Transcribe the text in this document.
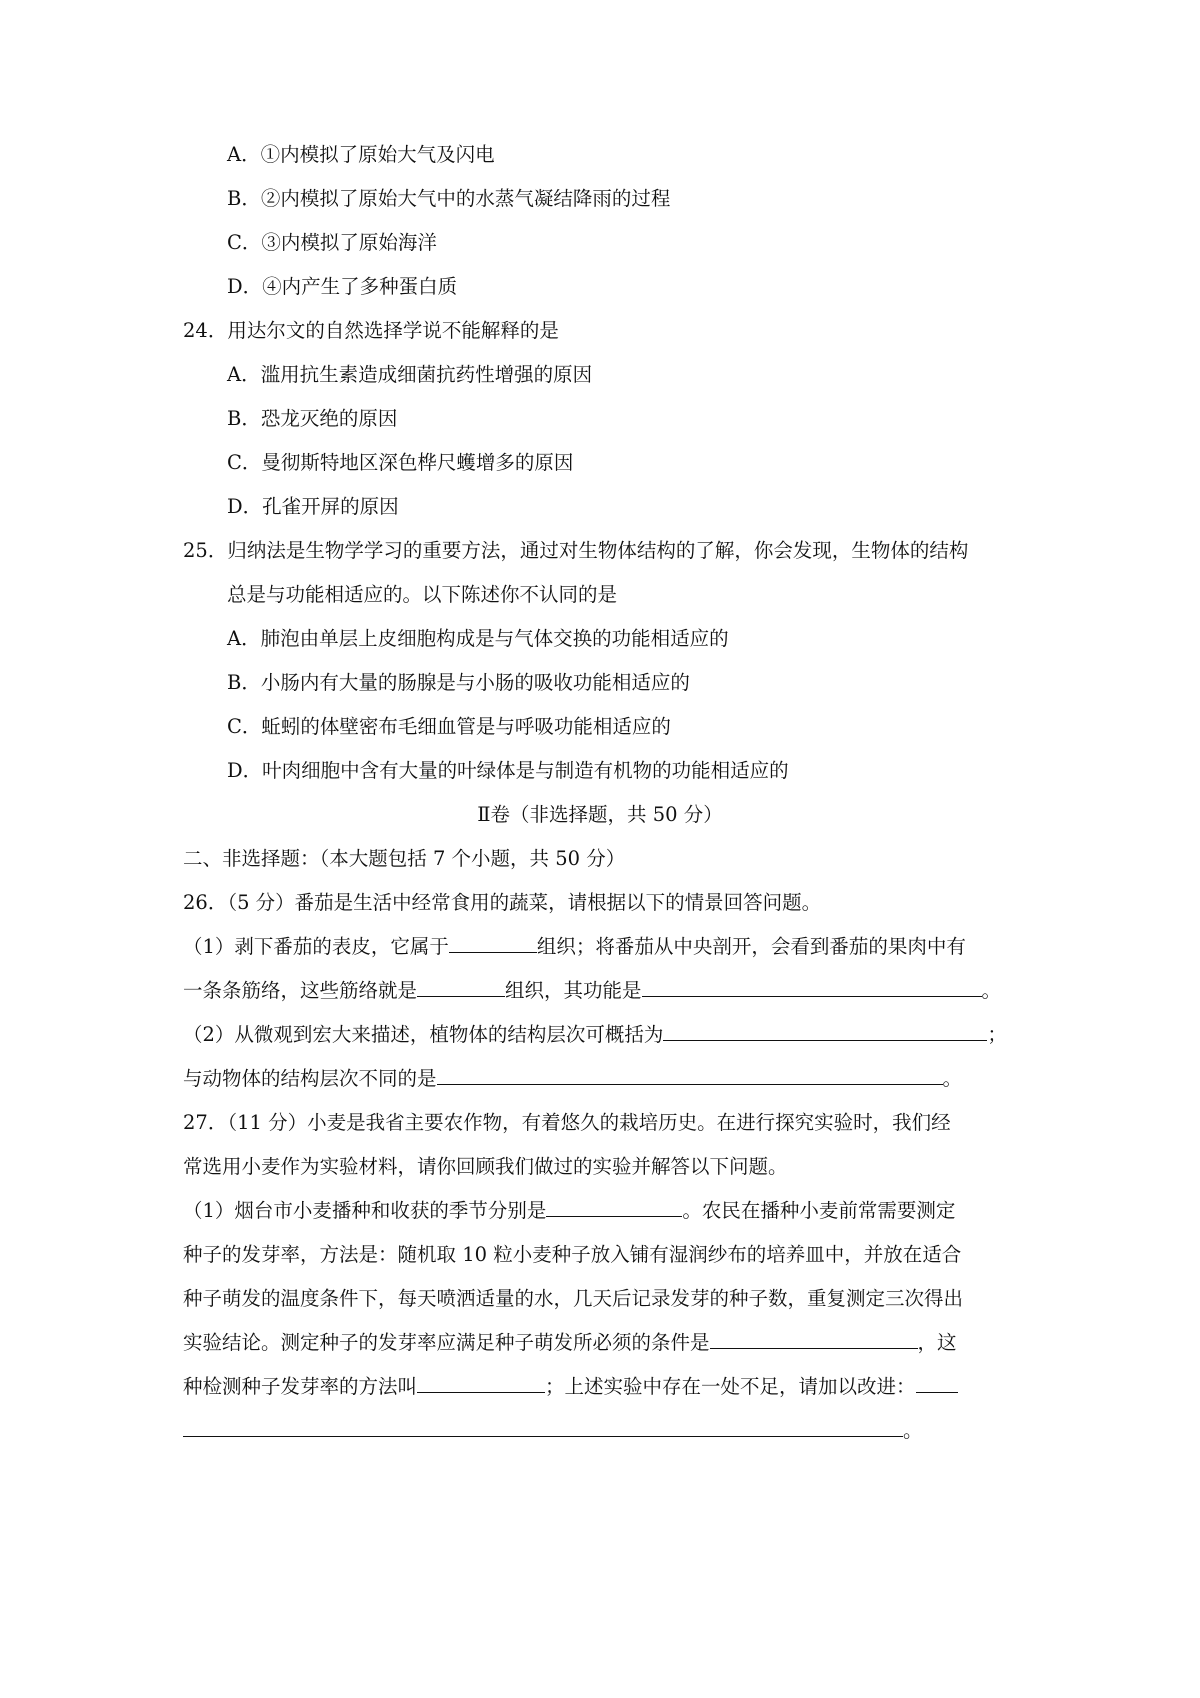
A．①内模拟了原始大气及闪电
B．②内模拟了原始大气中的水蒸气凝结降雨的过程
C．③内模拟了原始海洋
D．④内产生了多种蛋白质
24．用达尔文的自然选择学说不能解释的是
A．滥用抗生素造成细菌抗药性增强的原因
B．恐龙灭绝的原因
C．曼彻斯特地区深色桦尺蠖增多的原因
D．孔雀开屏的原因
25．归纳法是生物学学习的重要方法，通过对生物体结构的了解，你会发现，生物体的结构
总是与功能相适应的。以下陈述你不认同的是
A．肺泡由单层上皮细胞构成是与气体交换的功能相适应的
B．小肠内有大量的肠腺是与小肠的吸收功能相适应的
C．蚯蚓的体壁密布毛细血管是与呼吸功能相适应的
D．叶肉细胞中含有大量的叶绿体是与制造有机物的功能相适应的
Ⅱ卷（非选择题，共 50 分）
二、非选择题：（本大题包括 7 个小题，共 50 分）
26．（5 分）番茄是生活中经常食用的蔬菜，请根据以下的情景回答问题。
（1）剥下番茄的表皮，它属于	组织；将番茄从中央剖开，会看到番茄的果肉中有
一条条筋络，这些筋络就是	组织，其功能是	。
（2）从微观到宏大来描述，植物体的结构层次可概括为	；
与动物体的结构层次不同的是	。
27．（11 分）小麦是我省主要农作物，有着悠久的栽培历史。在进行探究实验时，我们经
常选用小麦作为实验材料，请你回顾我们做过的实验并解答以下问题。
（1）烟台市小麦播种和收获的季节分别是	。农民在播种小麦前常需要测定
种子的发芽率，方法是：随机取 10 粒小麦种子放入铺有湿润纱布的培养皿中，并放在适合
种子萌发的温度条件下，每天喷洒适量的水，几天后记录发芽的种子数，重复测定三次得出
实验结论。测定种子的发芽率应满足种子萌发所必须的条件是	，这
种检测种子发芽率的方法叫	；上述实验中存在一处不足，请加以改进：
。
